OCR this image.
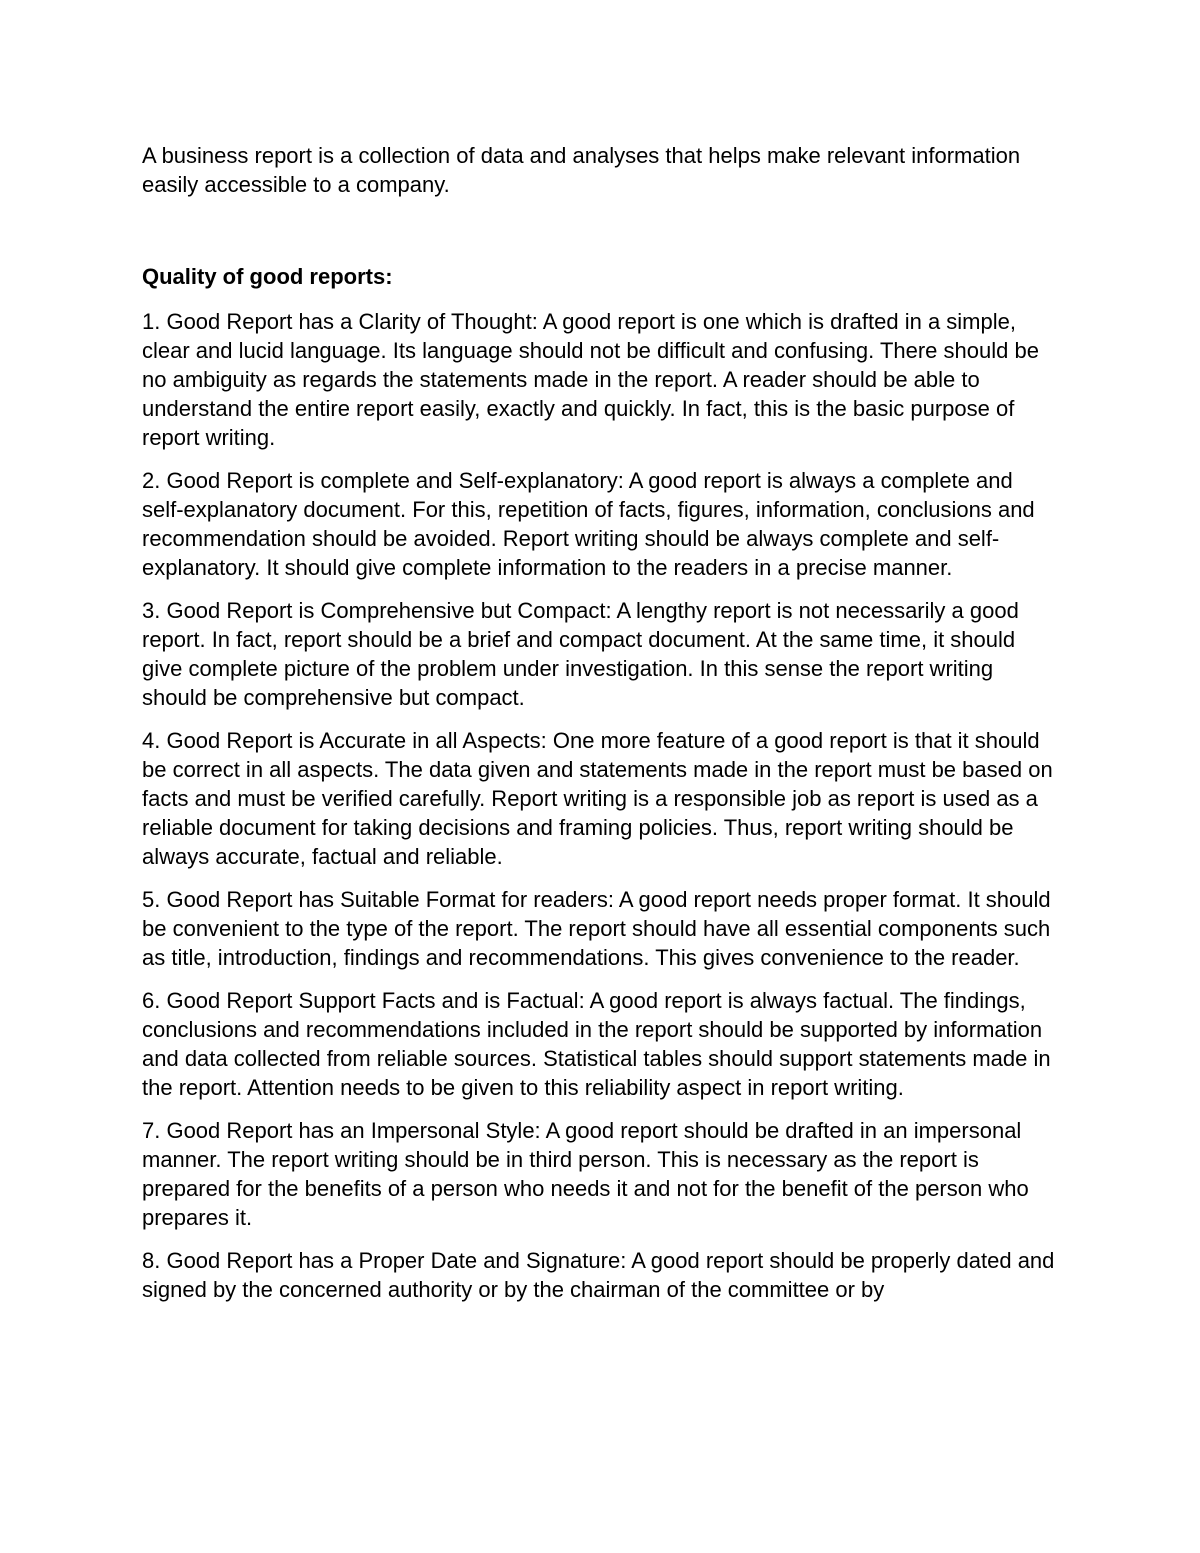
A business report is a collection of data and analyses that helps make relevant information easily accessible to a company.

Quality of good reports:

1. Good Report has a Clarity of Thought: A good report is one which is drafted in a simple, clear and lucid language. Its language should not be difficult and confusing. There should be no ambiguity as regards the statements made in the report. A reader should be able to understand the entire report easily, exactly and quickly. In fact, this is the basic purpose of report writing.

2. Good Report is complete and Self-explanatory: A good report is always a complete and self-explanatory document. For this, repetition of facts, figures, information, conclusions and recommendation should be avoided. Report writing should be always complete and self-explanatory. It should give complete information to the readers in a precise manner.

3. Good Report is Comprehensive but Compact: A lengthy report is not necessarily a good report. In fact, report should be a brief and compact document. At the same time, it should give complete picture of the problem under investigation. In this sense the report writing should be comprehensive but compact.

4. Good Report is Accurate in all Aspects: One more feature of a good report is that it should be correct in all aspects. The data given and statements made in the report must be based on facts and must be verified carefully. Report writing is a responsible job as report is used as a reliable document for taking decisions and framing policies. Thus, report writing should be always accurate, factual and reliable.

5. Good Report has Suitable Format for readers: A good report needs proper format. It should be convenient to the type of the report. The report should have all essential components such as title, introduction, findings and recommendations. This gives convenience to the reader.

6. Good Report Support Facts and is Factual: A good report is always factual. The findings, conclusions and recommendations included in the report should be supported by information and data collected from reliable sources. Statistical tables should support statements made in the report. Attention needs to be given to this reliability aspect in report writing.

7. Good Report has an Impersonal Style: A good report should be drafted in an impersonal manner. The report writing should be in third person. This is necessary as the report is prepared for the benefits of a person who needs it and not for the benefit of the person who prepares it.

8. Good Report has a Proper Date and Signature: A good report should be properly dated and signed by the concerned authority or by the chairman of the committee or by
